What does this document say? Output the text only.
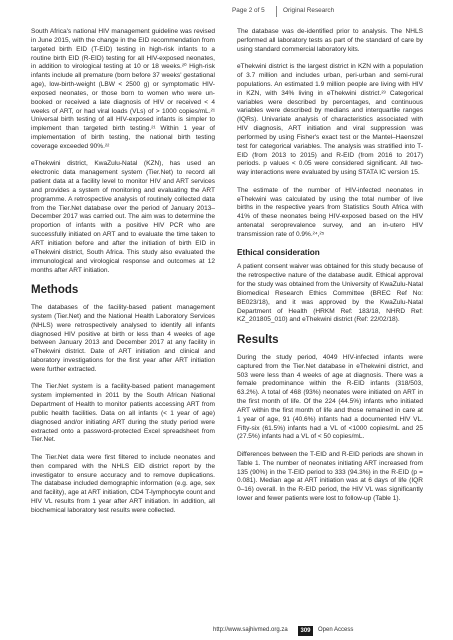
Page 2 of 5	Original Research

South Africa's national HIV management guideline was revised in June 2015, with the change in the EID recommendation from targeted birth EID (T-EID) testing in high-risk infants to a routine birth EID (R-EID) testing for all HIV-exposed neonates, in addition to virological testing at 10 or 18 weeks.²⁰ High-risk infants include all premature (born before 37 weeks' gestational age), low-birth-weight (LBW < 2500 g) or symptomatic HIV-exposed neonates, or those born to women who were un-booked or received a late diagnosis of HIV or received < 4 weeks of ART, or had viral loads (VLs) of > 1000 copies/mL.²¹ Universal birth testing of all HIV-exposed infants is simpler to implement than targeted birth testing.²¹ Within 1 year of implementation of birth testing, the national birth testing coverage exceeded 90%.²²

eThekwini district, KwaZulu-Natal (KZN), has used an electronic data management system (Tier.Net) to record all patient data at a facility level to monitor HIV and ART services and provides a system of monitoring and evaluating the ART programme. A retrospective analysis of routinely collected data from the Tier.Net database over the period of January 2013–December 2017 was carried out. The aim was to determine the proportion of infants with a positive HIV PCR who are successfully initiated on ART and to evaluate the time taken to ART initiation before and after the initiation of birth EID in eThekwini district, South Africa. This study also evaluated the immunological and virological response and outcomes at 12 months after ART initiation.

Methods

The databases of the facility-based patient management system (Tier.Net) and the National Health Laboratory Services (NHLS) were retrospectively analysed to identify all infants diagnosed HIV positive at birth or less than 4 weeks of age between January 2013 and December 2017 at any facility in eThekwini district. Date of ART initiation and clinical and laboratory investigations for the first year after ART initiation were further extracted.

The Tier.Net system is a facility-based patient management system implemented in 2011 by the South African National Department of Health to monitor patients accessing ART from public health facilities. Data on all infants (< 1 year of age) diagnosed and/or initiating ART during the study period were extracted onto a password-protected Excel spreadsheet from Tier.Net.

The Tier.Net data were first filtered to include neonates and then compared with the NHLS EID district report by the investigator to ensure accuracy and to remove duplications. The database included demographic information (e.g. age, sex and facility), age at ART initiation, CD4 T-lymphocyte count and HIV VL results from 1 year after ART initiation. In addition, all biochemical laboratory test results were collected.

The database was de-identified prior to analysis. The NHLS performed all laboratory tests as part of the standard of care by using standard commercial laboratory kits.

eThekwini district is the largest district in KZN with a population of 3.7 million and includes urban, peri-urban and semi-rural populations. An estimated 1.9 million people are living with HIV in KZN, with 34% living in eThekwini district.²³ Categorical variables were described by percentages, and continuous variables were described by medians and interquartile ranges (IQRs). Univariate analysis of characteristics associated with HIV diagnosis, ART initiation and viral suppression was performed by using Fisher's exact test or the Mantel–Haenszel test for categorical variables. The analysis was stratified into T-EID (from 2013 to 2015) and R-EID (from 2016 to 2017) periods. p values < 0.05 were considered significant. All two-way interactions were evaluated by using STATA IC version 15.

The estimate of the number of HIV-infected neonates in eThekwini was calculated by using the total number of live births in the respective years from Statistics South Africa with 41% of these neonates being HIV-exposed based on the HIV antenatal seroprevalence survey, and an in-utero HIV transmission rate of 0.9%.²⁴,²⁵

Ethical consideration

A patient consent waiver was obtained for this study because of the retrospective nature of the database audit. Ethical approval for the study was obtained from the University of KwaZulu-Natal Biomedical Research Ethics Committee (BREC Ref No: BE023/18), and it was approved by the KwaZulu-Natal Department of Health (HRKM Ref: 183/18, NHRD Ref: KZ_201805_010) and eThekwini district (Ref: 22/02/18).

Results

During the study period, 4049 HIV-infected infants were captured from the Tier.Net database in eThekwini district, and 503 were less than 4 weeks of age at diagnosis. There was a female predominance within the R-EID infants (318/503, 63.2%). A total of 468 (93%) neonates were initiated on ART in the first month of life. Of the 224 (44.5%) infants who initiated ART within the first month of life and those remained in care at 1 year of age, 91 (40.6%) infants had a documented HIV VL. Fifty-six (61.5%) infants had a VL of <1000 copies/mL and 25 (27.5%) infants had a VL of < 50 copies/mL.

Differences between the T-EID and R-EID periods are shown in Table 1. The number of neonates initiating ART increased from 135 (90%) in the T-EID period to 333 (94.3%) in the R-EID (p = 0.081). Median age at ART initiation was at 6 days of life (IQR 0–16) overall. In the R-EID period, the HIV VL was significantly lower and fewer patients were lost to follow-up (Table 1).

http://www.sajhivmed.org.za	309	Open Access
